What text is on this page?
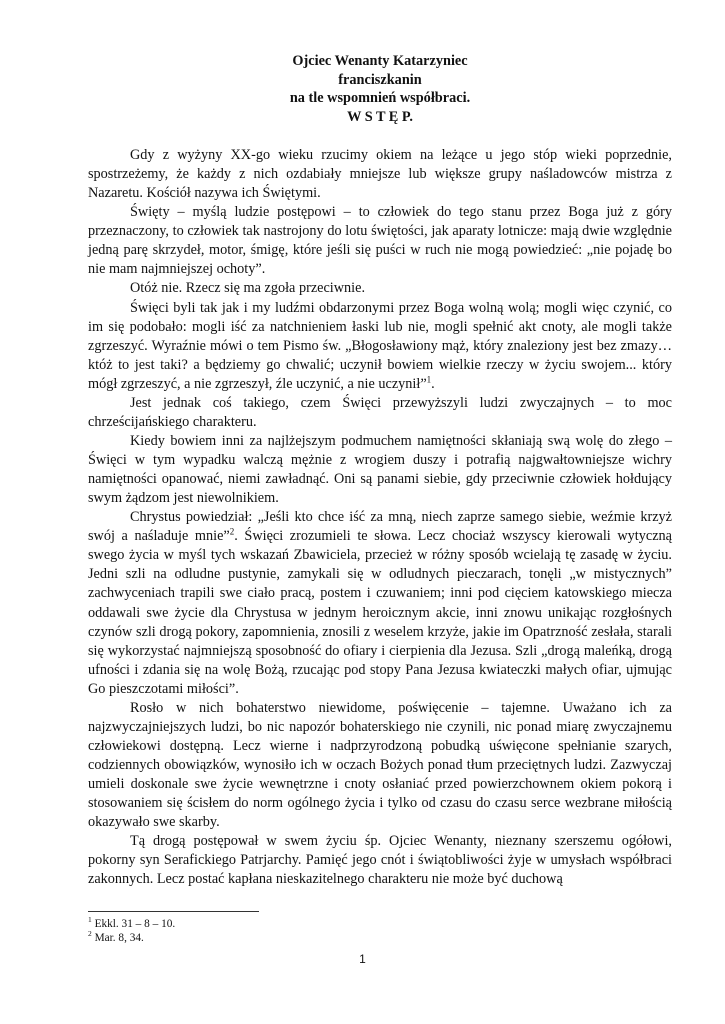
Ojciec Wenanty Katarzyniec
franciszkanin
na tle wspomnień współbraci.
W S T Ę P.

Gdy z wyżyny XX-go wieku rzucimy okiem na leżące u jego stóp wieki poprzednie, spostrzeżemy, że każdy z nich ozdabiały mniejsze lub większe grupy naśladowców mistrza z Nazaretu. Kościół nazywa ich Świętymi.

Święty – myślą ludzie postępowi – to człowiek do tego stanu przez Boga już z góry przeznaczony, to człowiek tak nastrojony do lotu świętości, jak aparaty lotnicze: mają dwie względnie jedną parę skrzydeł, motor, śmigę, które jeśli się puści w ruch nie mogą powiedzieć: „nie pojadę bo nie mam najmniejszej ochoty”.

Otóż nie. Rzecz się ma zgoła przeciwnie.

Święci byli tak jak i my ludźmi obdarzonymi przez Boga wolną wolą; mogli więc czynić, co im się podobało: mogli iść za natchnieniem łaski lub nie, mogli spełnić akt cnoty, ale mogli także zgrzeszyć. Wyraźnie mówi o tem Pismo św. „Błogosławiony mąż, który znaleziony jest bez zmazy… któż to jest taki? a będziemy go chwalić; uczynił bowiem wielkie rzeczy w życiu swojem... który mógł zgrzeszyć, a nie zgrzeszył, źle uczynić, a nie uczynił”$^1$.

Jest jednak coś takiego, czem Święci przewyższyli ludzi zwyczajnych – to moc chrześcijańskiego charakteru.

Kiedy bowiem inni za najlżejszym podmuchem namiętności skłaniają swą wolę do złego – Święci w tym wypadku walczą mężnie z wrogiem duszy i potrafią najgwałtowniejsze wichry namiętności opanować, niemi zawładnąć. Oni są panami siebie, gdy przeciwnie człowiek hołdujący swym żądzom jest niewolnikiem.

Chrystus powiedział: „Jeśli kto chce iść za mną, niech zaprze samego siebie, weźmie krzyż swój a naśladuje mnie”$^2$. Święci zrozumieli te słowa. Lecz chociaż wszyscy kierowali wytyczną swego życia w myśl tych wskazań Zbawiciela, przecież w różny sposób wcielają tę zasadę w życiu. Jedni szli na odludne pustynie, zamykali się w odludnych pieczarach, tonęli „w mistycznych” zachwyceniach trapili swe ciało pracą, postem i czuwaniem; inni pod cięciem katowskiego miecza oddawali swe życie dla Chrystusa w jednym heroicznym akcie, inni znowu unikając rozgłośnych czynów szli drogą pokory, zapomnienia, znosili z weselem krzyże, jakie im Opatrzność zesłała, starali się wykorzystać najmniejszą sposobność do ofiary i cierpienia dla Jezusa. Szli „drogą maleńką, drogą ufności i zdania się na wolę Bożą, rzucając pod stopy Pana Jezusa kwiateczki małych ofiar, ujmując Go pieszczotami miłości”.

Rosło w nich bohaterstwo niewidome, poświęcenie – tajemne. Uważano ich za najzwyczajniejszych ludzi, bo nic napozór bohaterskiego nie czynili, nic ponad miarę zwyczajnemu człowiekowi dostępną. Lecz wierne i nadprzyrodzoną pobudką uświęcone spełnianie szarych, codziennych obowiązków, wynosiło ich w oczach Bożych ponad tłum przeciętnych ludzi. Zazwyczaj umieli doskonale swe życie wewnętrzne i cnoty osłaniać przed powierzchownem okiem pokorą i stosowaniem się ścisłem do norm ogólnego życia i tylko od czasu do czasu serce wezbrane miłością okazywało swe skarby.

Tą drogą postępował w swem życiu śp. Ojciec Wenanty, nieznany szerszemu ogółowi, pokorny syn Serafickiego Patrjarchy. Pamięć jego cnót i świątobliwości żyje w umysłach współbraci zakonnych. Lecz postać kapłana nieskazitelnego charakteru nie może być duchową

$^1$ Ekkl. 31 – 8 – 10.
$^2$ Mar. 8, 34.
1
